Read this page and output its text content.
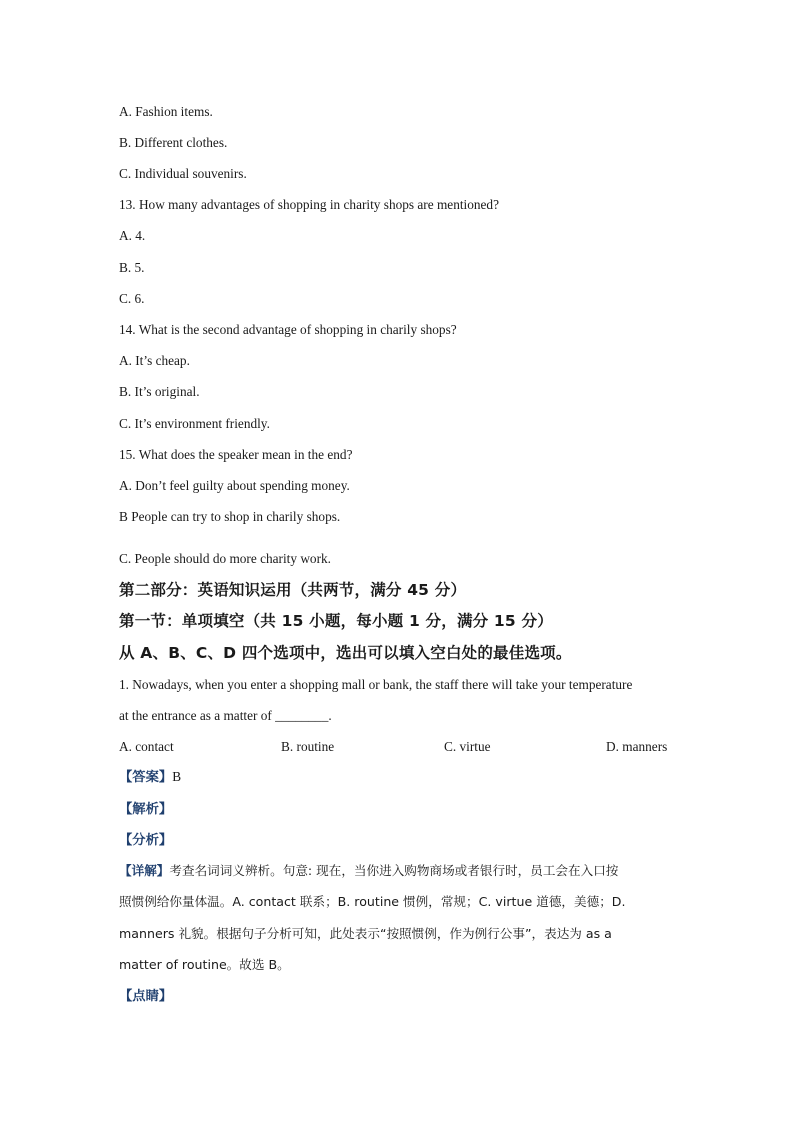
A. Fashion items.
B. Different clothes.
C. Individual souvenirs.
13. How many advantages of shopping in charity shops are mentioned?
A. 4.
B. 5.
C. 6.
14. What is the second advantage of shopping in charily shops?
A. It’s cheap.
B. It’s original.
C. It’s environment friendly.
15. What does the speaker mean in the end?
A. Don’t feel guilty about spending money.
B People can try to shop in charily shops.
C. People should do more charity work.
第二部分：英语知识运用（共两节，满分 45 分）
第一节：单项填空（共 15 小题，每小题 1 分，满分 15 分）
从 A、B、C、D 四个选项中，选出可以填入空白处的最佳选项。
1. Nowadays, when you enter a shopping mall or bank, the staff there will take your temperature
at the entrance as a matter of ________.
A. contact	B. routine	C. virtue	D. manners
【答案】B
【解析】
【分析】
【详解】考查名词词义辨析。句意: 现在，当你进入购物商场或者银行时，员工会在入口按
照惯例给你量体温。A. contact 联系；B. routine 惯例，常规；C. virtue 道德，美德；D.
manners 礼貌。根据句子分析可知，此处表示“按照惯例，作为例行公事”，表达为 as a
matter of routine。故选 B。
【点睛】
